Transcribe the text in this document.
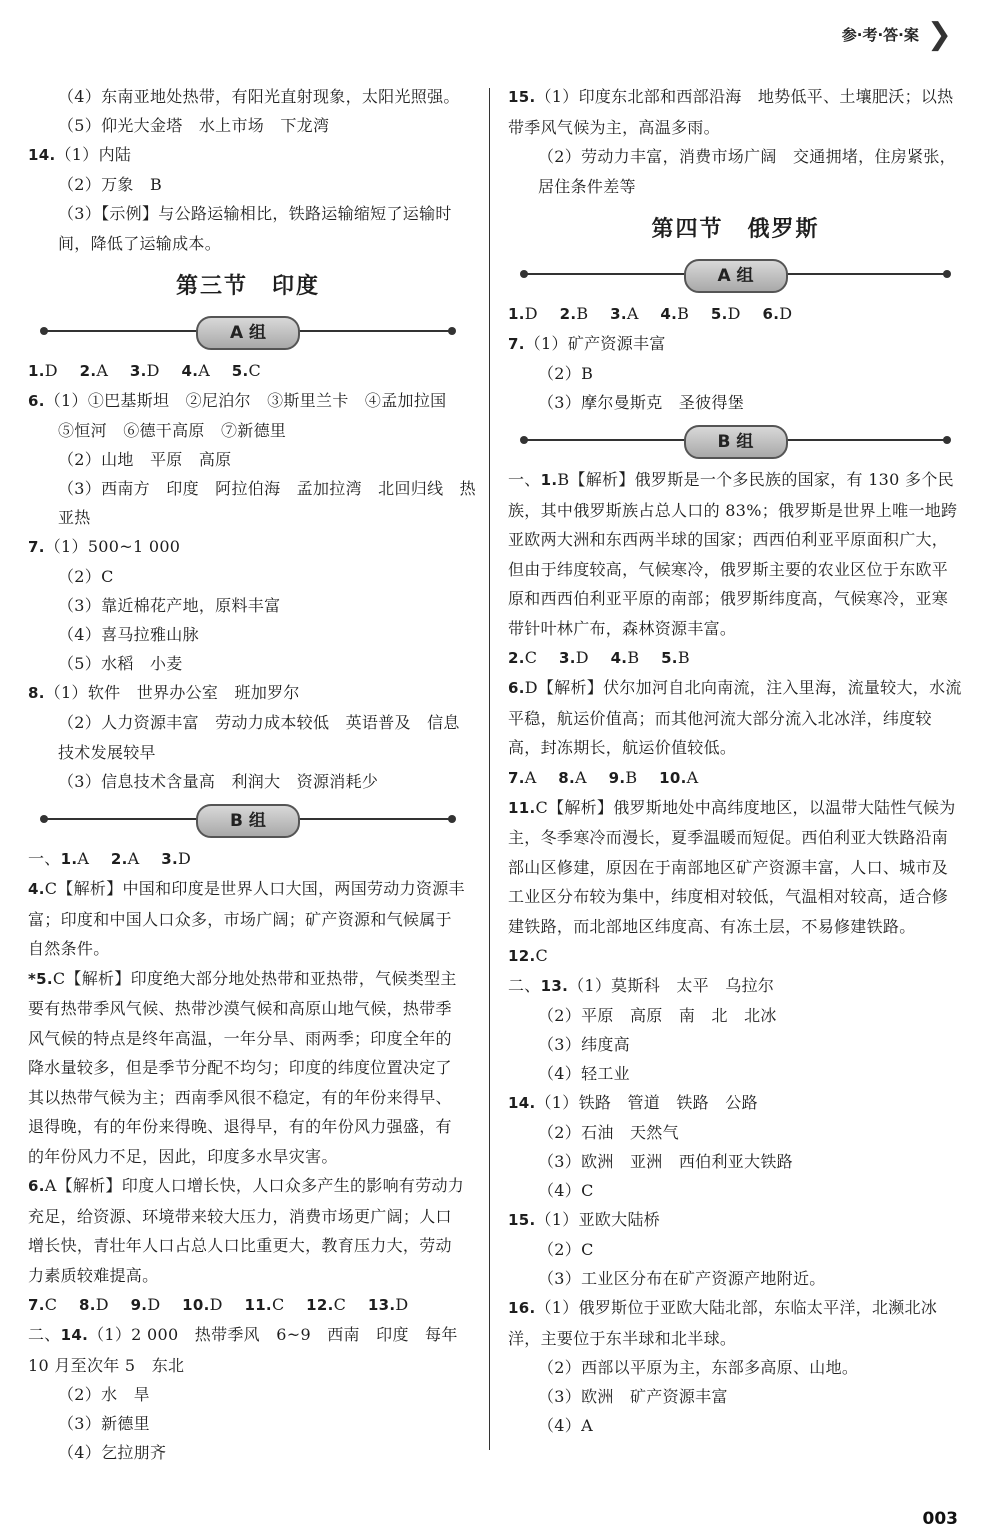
参·考·答·案 ❯
（4）东南亚地处热带，有阳光直射现象，太阳光照强。
（5）仰光大金塔　水上市场　下龙湾
14.（1）内陆
（2）万象　B
（3）【示例】与公路运输相比，铁路运输缩短了运输时间，降低了运输成本。
第三节　印度
A 组
1.D　 2.A　 3.D　 4.A　 5.C
6.（1）①巴基斯坦　②尼泊尔　③斯里兰卡　④孟加拉国
⑤恒河　⑥德干高原　⑦新德里
（2）山地　平原　高原
（3）西南方　印度　阿拉伯海　孟加拉湾　北回归线　热
亚热
7.（1）500~1 000
（2）C
（3）靠近棉花产地，原料丰富
（4）喜马拉雅山脉
（5）水稻　小麦
8.（1）软件　世界办公室　班加罗尔
（2）人力资源丰富　劳动力成本较低　英语普及　信息技术发展较早
（3）信息技术含量高　利润大　资源消耗少
B 组
一、1.A　 2.A　 3.D
4.C【解析】中国和印度是世界人口大国，两国劳动力资源丰富；印度和中国人口众多，市场广阔；矿产资源和气候属于自然条件。
*5.C【解析】印度绝大部分地处热带和亚热带，气候类型主要有热带季风气候、热带沙漠气候和高原山地气候，热带季风气候的特点是终年高温，一年分旱、雨两季；印度全年的降水量较多，但是季节分配不均匀；印度的纬度位置决定了其以热带气候为主；西南季风很不稳定，有的年份来得早、退得晚，有的年份来得晚、退得早，有的年份风力强盛，有的年份风力不足，因此，印度多水旱灾害。
6.A【解析】印度人口增长快，人口众多产生的影响有劳动力充足，给资源、环境带来较大压力，消费市场更广阔；人口增长快，青壮年人口占总人口比重更大，教育压力大，劳动力素质较难提高。
7.C　 8.D　 9.D　 10.D　 11.C　 12.C　 13.D
二、14.（1）2 000　热带季风　6~9　西南　印度　每年 10 月至次年 5　东北
（2）水　旱
（3）新德里
（4）乞拉朋齐
15.（1）印度东北部和西部沿海　地势低平、土壤肥沃；以热带季风气候为主，高温多雨。
（2）劳动力丰富，消费市场广阔　交通拥堵，住房紧张，居住条件差等
第四节　俄罗斯
A 组
1.D　 2.B　 3.A　 4.B　 5.D　 6.D
7.（1）矿产资源丰富
（2）B
（3）摩尔曼斯克　圣彼得堡
B 组
一、1.B【解析】俄罗斯是一个多民族的国家，有 130 多个民族，其中俄罗斯族占总人口的 83%；俄罗斯是世界上唯一地跨亚欧两大洲和东西两半球的国家；西西伯利亚平原面积广大，但由于纬度较高，气候寒冷，俄罗斯主要的农业区位于东欧平原和西西伯利亚平原的南部；俄罗斯纬度高，气候寒冷，亚寒带针叶林广布，森林资源丰富。
2.C　 3.D　 4.B　 5.B
6.D【解析】伏尔加河自北向南流，注入里海，流量较大，水流平稳，航运价值高；而其他河流大部分流入北冰洋，纬度较高，封冻期长，航运价值较低。
7.A　 8.A　 9.B　 10.A
11.C【解析】俄罗斯地处中高纬度地区，以温带大陆性气候为主，冬季寒冷而漫长，夏季温暖而短促。西伯利亚大铁路沿南部山区修建，原因在于南部地区矿产资源丰富，人口、城市及工业区分布较为集中，纬度相对较低，气温相对较高，适合修建铁路，而北部地区纬度高、有冻土层，不易修建铁路。
12.C
二、13.（1）莫斯科　太平　乌拉尔
（2）平原　高原　南　北　北冰
（3）纬度高
（4）轻工业
14.（1）铁路　管道　铁路　公路
（2）石油　天然气
（3）欧洲　亚洲　西伯利亚大铁路
（4）C
15.（1）亚欧大陆桥
（2）C
（3）工业区分布在矿产资源产地附近。
16.（1）俄罗斯位于亚欧大陆北部，东临太平洋，北濒北冰洋，主要位于东半球和北半球。
（2）西部以平原为主，东部多高原、山地。
（3）欧洲　矿产资源丰富
（4）A
003
